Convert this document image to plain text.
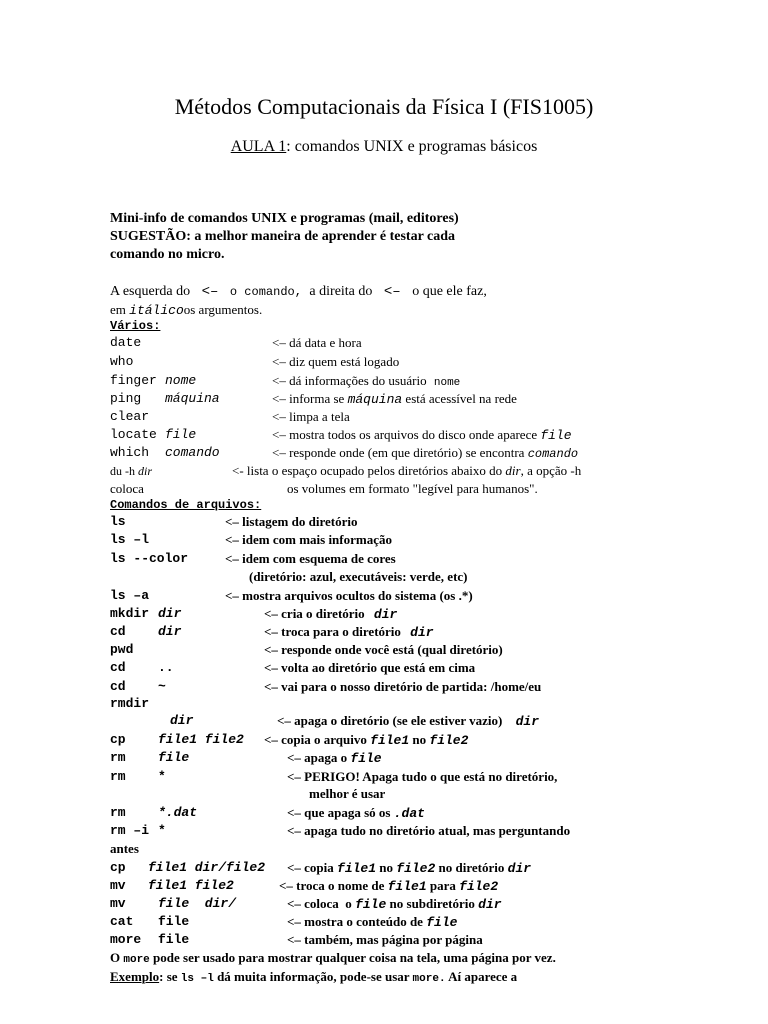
Métodos Computacionais da Física I (FIS1005)
AULA 1: comandos UNIX e programas básicos
Mini-info de comandos UNIX e programas (mail, editores)
SUGESTÃO: a melhor maneira de aprender é testar cada
comando no micro.
A esquerda do <– o comando, a direita do <– o que ele faz,
em itálicoos argumentos.
Vários:
date	<– dá data e hora
who	<– diz quem está logado
finger nome	<– dá informações do usuário nome
ping máquina	<– informa se máquina está acessível na rede
clear	<– limpa a tela
locate file	<– mostra todos os arquivos do disco onde aparece file
which comando	<– responde onde (em que diretório) se encontra comando
du -h dir	<- lista o espaço ocupado pelos diretórios abaixo do dir, a opção -h
coloca	os volumes em formato "legível para humanos".
Comandos de arquivos:
ls	<– listagem do diretório
ls –l	<– idem com mais informação
ls --color	<– idem com esquema de cores
(diretório: azul, executáveis: verde, etc)
ls –a	<– mostra arquivos ocultos do sistema (os .*)
mkdir dir	<– cria o diretório dir
cd dir	<– troca para o diretório dir
pwd	<– responde onde você está (qual diretório)
cd ..	<– volta ao diretório que está em cima
cd ~	<– vai para o nosso diretório de partida: /home/eu
rmdir
dir	<– apaga o diretório (se ele estiver vazio) dir
cp file1 file2 <– copia o arquivo file1 no file2
rm file	<– apaga o file
rm *	<– PERIGO! Apaga tudo o que está no diretório,
melhor é usar
rm *.dat	<– que apaga só os .dat
rm –i *	<– apaga tudo no diretório atual, mas perguntando
antes
cp file1 dir/file2 <– copia file1 no file2 no diretório dir
mv file1 file2	<– troca o nome de file1 para file2
mv file  dir/	<– coloca  o file no subdiretório dir
cat file	<– mostra o conteúdo de file
more file	<– também, mas página por página
O more pode ser usado para mostrar qualquer coisa na tela, uma página por vez.
Exemplo: se ls –l dá muita informação, pode-se usar more. Aí aparece a
